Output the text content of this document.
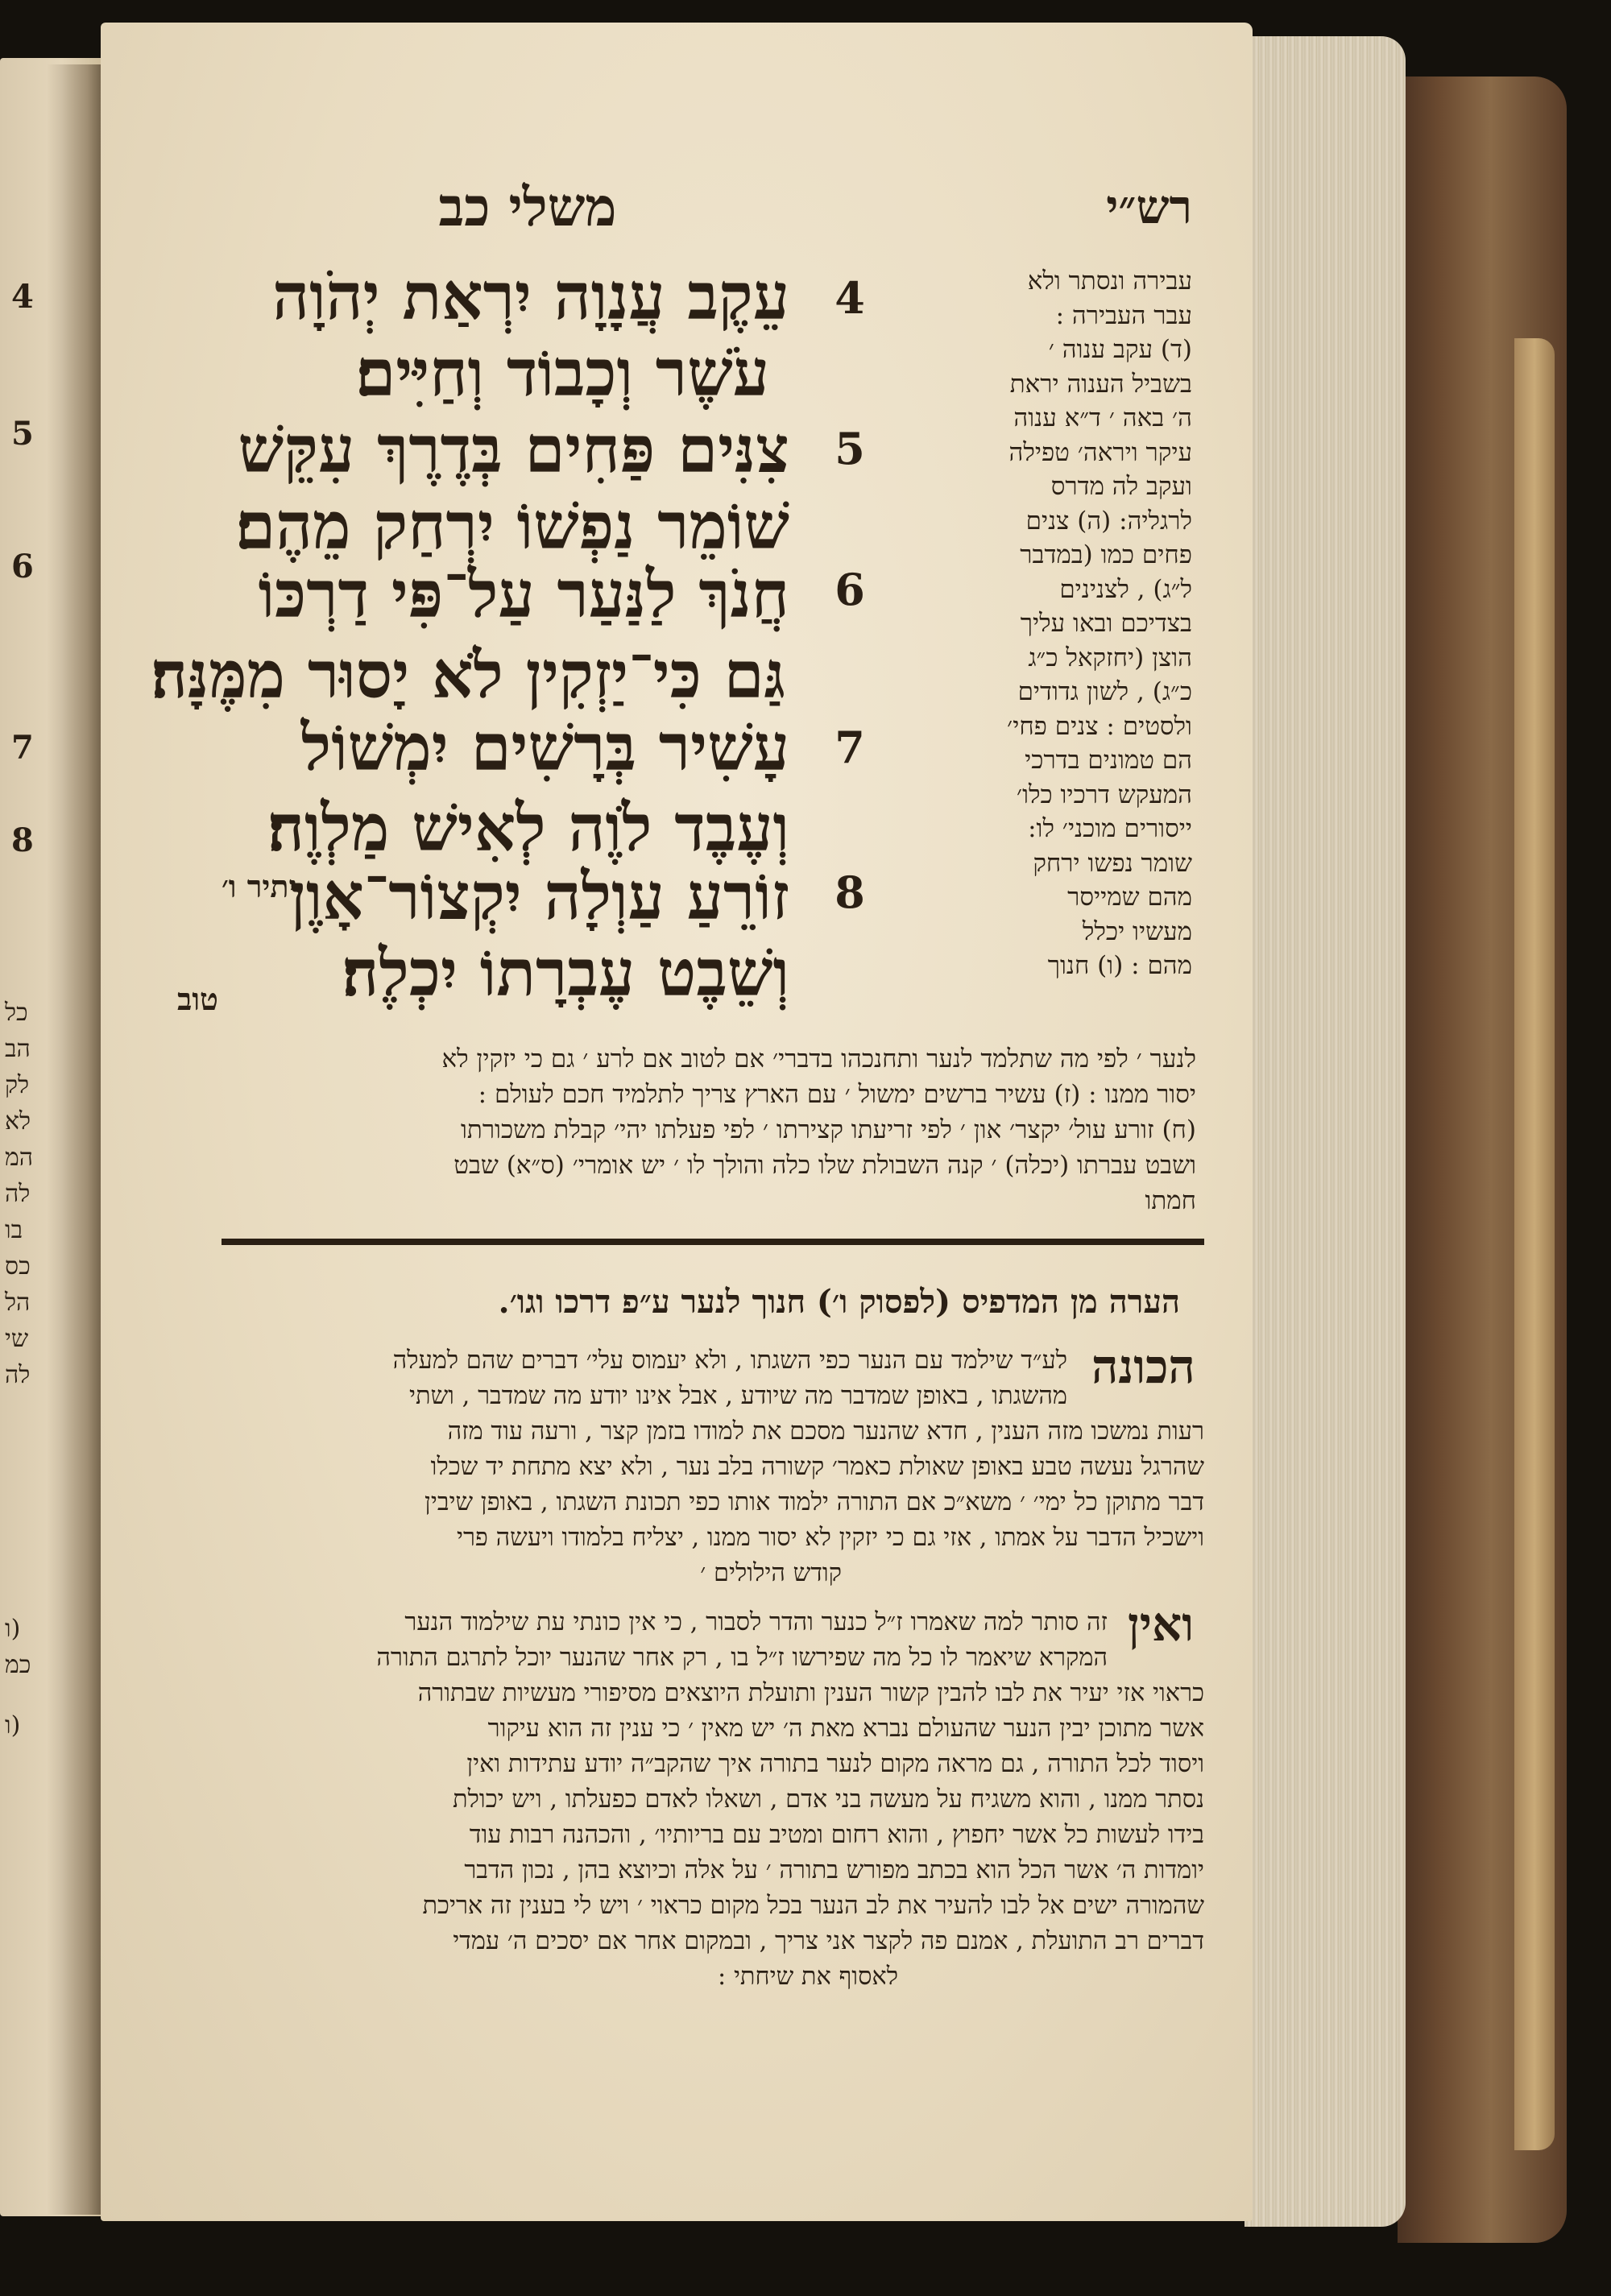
4
5
6
7
8
כל
הב
לק
לא
המ
לה
בו
כס
הל
שי
לה
(ו
כמ
(ו
רש״י
משלי כב
4
עֵקֶב עֲנָוָה יִרְאַת יְהֹוָה
עֹשֶׁר וְכָבוֹד וְחַיִּים׃
5
צִנִּים פַּחִים בְּדֶרֶךְ עִקֵּשׁ
שׁוֹמֵר נַפְשׁוֹ יִרְחַק מֵהֶם׃
6
חֲנֹךְ לַנַּעַר עַל־פִּי דַרְכּוֹ
גַּם כִּי־יַזְקִין לֹא יָסוּר מִמֶּנָּה׃
7
עָשִׁיר בְּרָשִׁים יִמְשׁוֹל
וְעֶבֶד לֹוֶה לְאִישׁ מַלְוֶה׃
8
זוֹרֵעַ עַוְלָה יִקְצוֹר־אָוֶן
וְשֵׁבֶט עֶבְרָתוֹ יִכְלֶה׃
יתיר ו׳
טוב
עבירה ונסתר ולא
עבר העבירה :
(ד) עקב ענוה ׳
בשביל הענוה יראת
ה׳ באה ׳ ד״א ענוה
עיקר ויראה׳ טפילה
ועקב לה מדרס
לרגליה: (ה) צנים
פחים כמו (במדבר
ל״ג) , לצנינים
בצדיכם ובאו עליך
הוצן (יחזקאל כ״ג
כ״ג) , לשון גדודים
ולסטים : צנים פחי׳
הם טמונים בדרכי
המעקש דרכיו כלו׳
ייסורים מוכני׳ לו:
שומר נפשו ירחק
מהם שמייסר
מעשיו יכלל
מהם : (ו) חנוך
לנער ׳ לפי מה שתלמד לנער ותחנכהו בדברי׳ אם לטוב אם לרע ׳ גם כי יזקין לא
יסור ממנו : (ז) עשיר ברשים ימשול ׳ עם הארץ צריך לתלמיד חכם לעולם :
(ח) זורע עול׳ יקצר׳ און ׳ לפי זריעתו קצירתו ׳ לפי פעלתו יהי׳ קבלת משכורתו
ושבט עברתו (יכלה) ׳ קנה השבולת שלו כלה והולך לו ׳ יש אומרי׳ (ס״א) שבט
חמתו
הערה מן המדפיס (לפסוק ו׳) חנוך לנער ע״פ דרכו וגו׳.
הכונה
לע״ד שילמד עם הנער כפי השגתו , ולא יעמוס עלי׳ דברים שהם למעלה
מהשגתו , באופן שמדבר מה שיודע , אבל אינו יודע מה שמדבר , ושתי
רעות נמשכו מזה הענין , חדא שהנער מסכם את למודו בזמן קצר , ורעה עוד מזה
שהרגל נעשה טבע באופן שאולת כאמר׳ קשורה בלב נער , ולא יצא מתחת יד שכלו
דבר מתוקן כל ימי׳ ׳ משא״כ אם התורה ילמוד אותו כפי תכונת השגתו , באופן שיבין
וישכיל הדבר על אמתו , אזי גם כי יזקין לא יסור ממנו , יצליח בלמודו ויעשה פרי
קודש הילולים ׳
ואין
זה סותר למה שאמרו ז״ל כנער והדר לסבור , כי אין כונתי עת שילמוד הנער
המקרא שיאמר לו כל מה שפירשו ז״ל בו , רק אחר שהנער יוכל לתרגם התורה
כראוי אזי יעיר את לבו להבין קשור הענין ותועלת היוצאים מסיפורי מעשיות שבתורה
אשר מתוכן יבין הנער שהעולם נברא מאת ה׳ יש מאין ׳ כי ענין זה הוא עיקור
ויסוד לכל התורה , גם מראה מקום לנער בתורה איך שהקב״ה יודע עתידות ואין
נסתר ממנו , והוא משגיח על מעשה בני אדם , ושאלו לאדם כפעלתו , ויש יכולת
בידו לעשות כל אשר יחפוץ , והוא רחום ומטיב עם בריותיו׳ , והכהנה רבות עוד
יומדות ה׳ אשר הכל הוא בכתב מפורש בתורה ׳ על אלה וכיוצא בהן , נכון הדבר
שהמורה ישים אל לבו להעיר את לב הנער בכל מקום כראוי ׳ ויש לי בענין זה אריכת
דברים רב התועלת , אמנם פה לקצר אני צריך , ובמקום אחר אם יסכים ה׳ עמדי
לאסוף את שיחתי :
